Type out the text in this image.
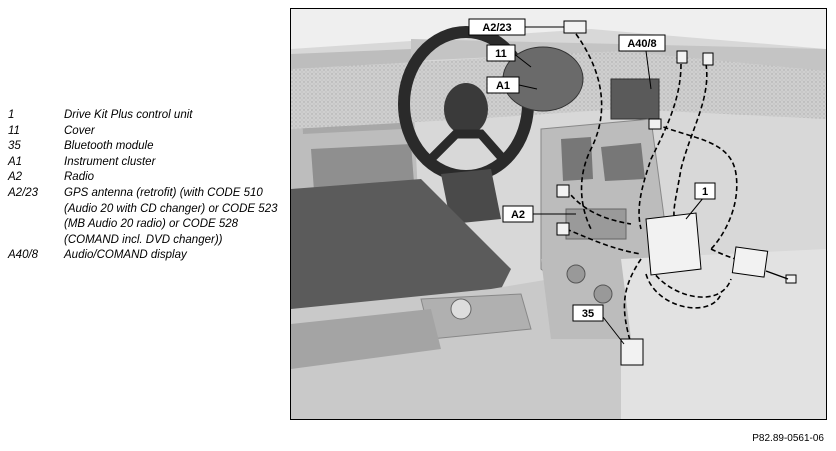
1	Drive Kit Plus control unit
11	Cover
35	Bluetooth module
A1	Instrument cluster
A2	Radio
A2/23	GPS antenna (retrofit) (with CODE 510 (Audio 20 with CD changer) or CODE 523 (MB Audio 20 radio) or CODE 528 (COMAND incl. DVD changer))
A40/8	Audio/COMAND display
A2/23
11
A1
A40/8
1
A2
35
P82.89-0561-06
